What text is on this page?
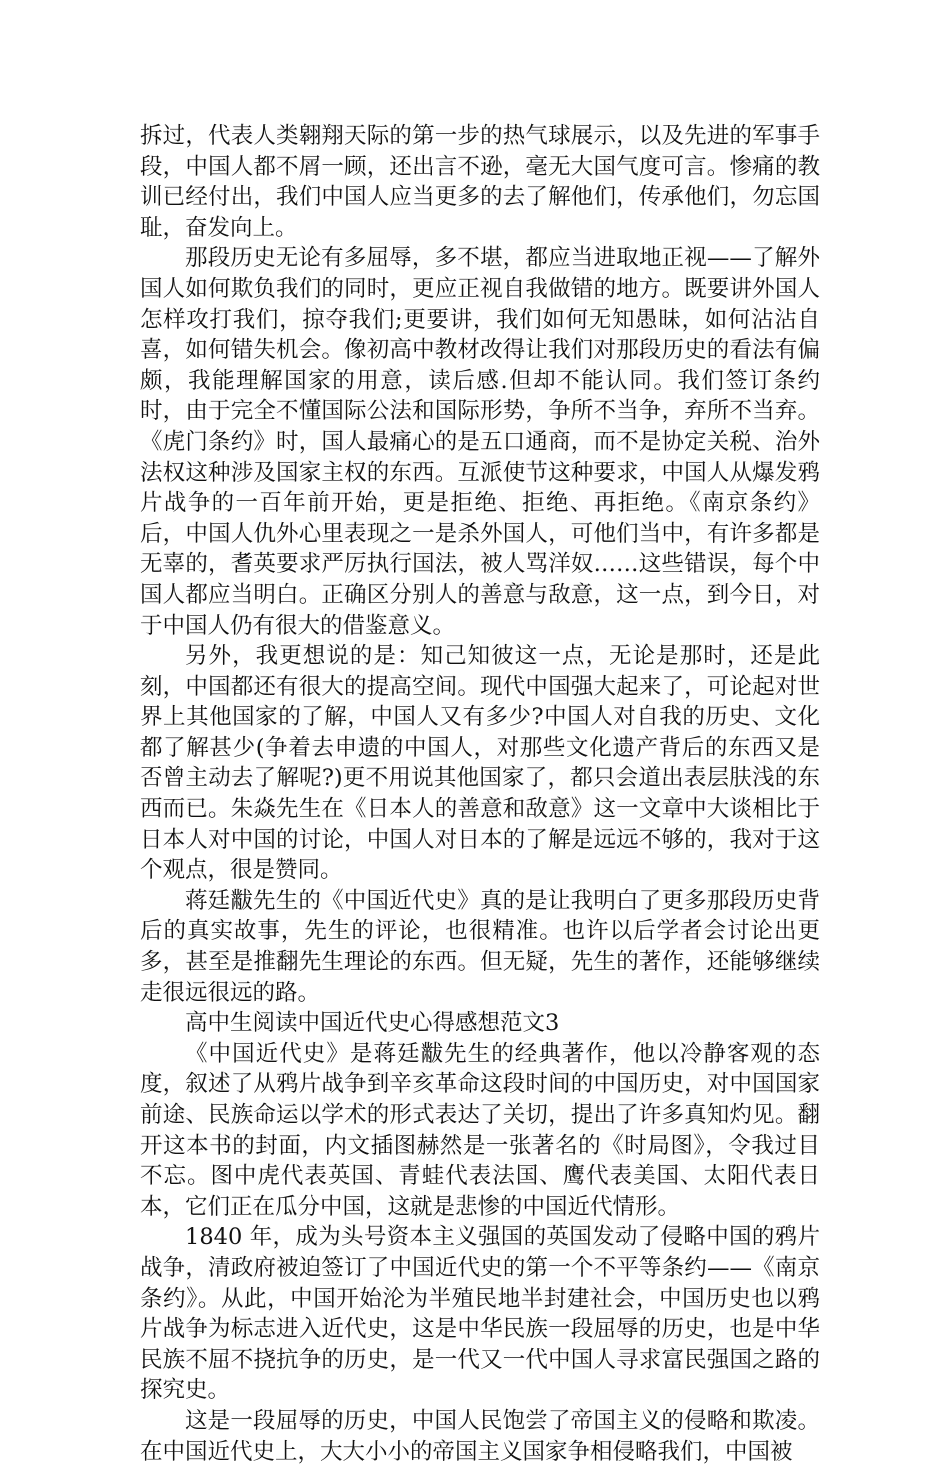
拆过，代表人类翱翔天际的第一步的热气球展示，以及先进的军事手段，中国人都不屑一顾，还出言不逊，毫无大国气度可言。惨痛的教训已经付出，我们中国人应当更多的去了解他们，传承他们，勿忘国耻，奋发向上。

那段历史无论有多屈辱，多不堪，都应当进取地正视——了解外国人如何欺负我们的同时，更应正视自我做错的地方。既要讲外国人怎样攻打我们，掠夺我们;更要讲，我们如何无知愚昧，如何沾沾自喜，如何错失机会。像初高中教材改得让我们对那段历史的看法有偏颇，我能理解国家的用意，读后感.但却不能认同。我们签订条约时，由于完全不懂国际公法和国际形势，争所不当争，弃所不当弃。《虎门条约》时，国人最痛心的是五口通商，而不是协定关税、治外法权这种涉及国家主权的东西。互派使节这种要求，中国人从爆发鸦片战争的一百年前开始，更是拒绝、拒绝、再拒绝。《南京条约》后，中国人仇外心里表现之一是杀外国人，可他们当中，有许多都是无辜的，耆英要求严厉执行国法，被人骂洋奴……这些错误，每个中国人都应当明白。正确区分别人的善意与敌意，这一点，到今日，对于中国人仍有很大的借鉴意义。

另外，我更想说的是：知己知彼这一点，无论是那时，还是此刻，中国都还有很大的提高空间。现代中国强大起来了，可论起对世界上其他国家的了解，中国人又有多少?中国人对自我的历史、文化都了解甚少(争着去申遗的中国人，对那些文化遗产背后的东西又是否曾主动去了解呢?)更不用说其他国家了，都只会道出表层肤浅的东西而已。朱焱先生在《日本人的善意和敌意》这一文章中大谈相比于日本人对中国的讨论，中国人对日本的了解是远远不够的，我对于这个观点，很是赞同。

蒋廷黻先生的《中国近代史》真的是让我明白了更多那段历史背后的真实故事，先生的评论，也很精准。也许以后学者会讨论出更多，甚至是推翻先生理论的东西。但无疑，先生的著作，还能够继续走很远很远的路。

高中生阅读中国近代史心得感想范文3

《中国近代史》是蒋廷黻先生的经典著作，他以冷静客观的态度，叙述了从鸦片战争到辛亥革命这段时间的中国历史，对中国国家前途、民族命运以学术的形式表达了关切，提出了许多真知灼见。翻开这本书的封面，内文插图赫然是一张著名的《时局图》，令我过目不忘。图中虎代表英国、青蛙代表法国、鹰代表美国、太阳代表日本，它们正在瓜分中国，这就是悲惨的中国近代情形。

1840 年，成为头号资本主义强国的英国发动了侵略中国的鸦片战争，清政府被迫签订了中国近代史的第一个不平等条约——《南京条约》。从此，中国开始沦为半殖民地半封建社会，中国历史也以鸦片战争为标志进入近代史，这是中华民族一段屈辱的历史，也是中华民族不屈不挠抗争的历史，是一代又一代中国人寻求富民强国之路的探究史。

这是一段屈辱的历史，中国人民饱尝了帝国主义的侵略和欺凌。在中国近代史上，大大小小的帝国主义国家争相侵略我们，中国被
